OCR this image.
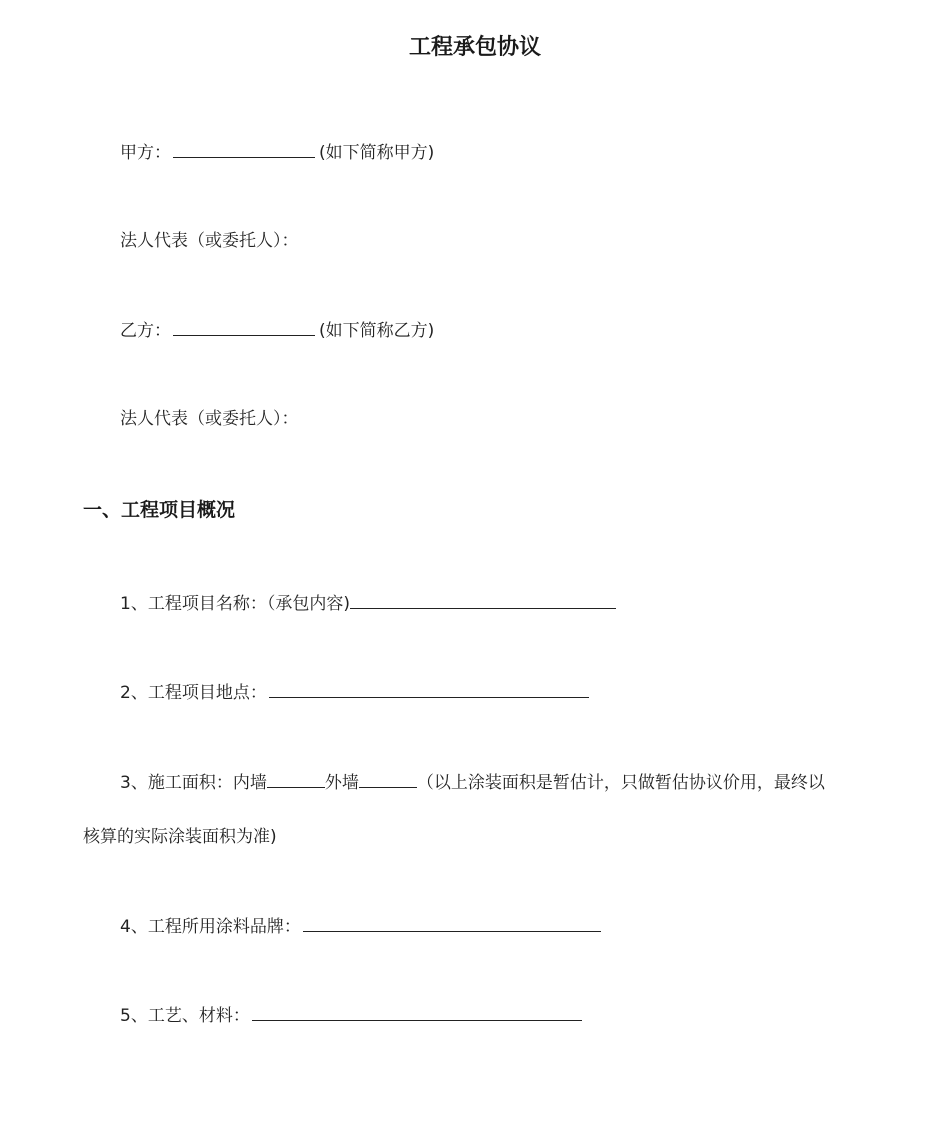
工程承包协议
甲方：	(如下简称甲方)
法人代表（或委托人）：
乙方：	(如下简称乙方)
法人代表（或委托人）：
一、工程项目概况
1、工程项目名称：（承包内容)
2、工程项目地点：
3、施工面积：内墙	外墙	（以上涂装面积是暂估计，只做暂估协议价用，最终以
核算的实际涂装面积为准)
4、工程所用涂料品牌：
5、工艺、材料：
